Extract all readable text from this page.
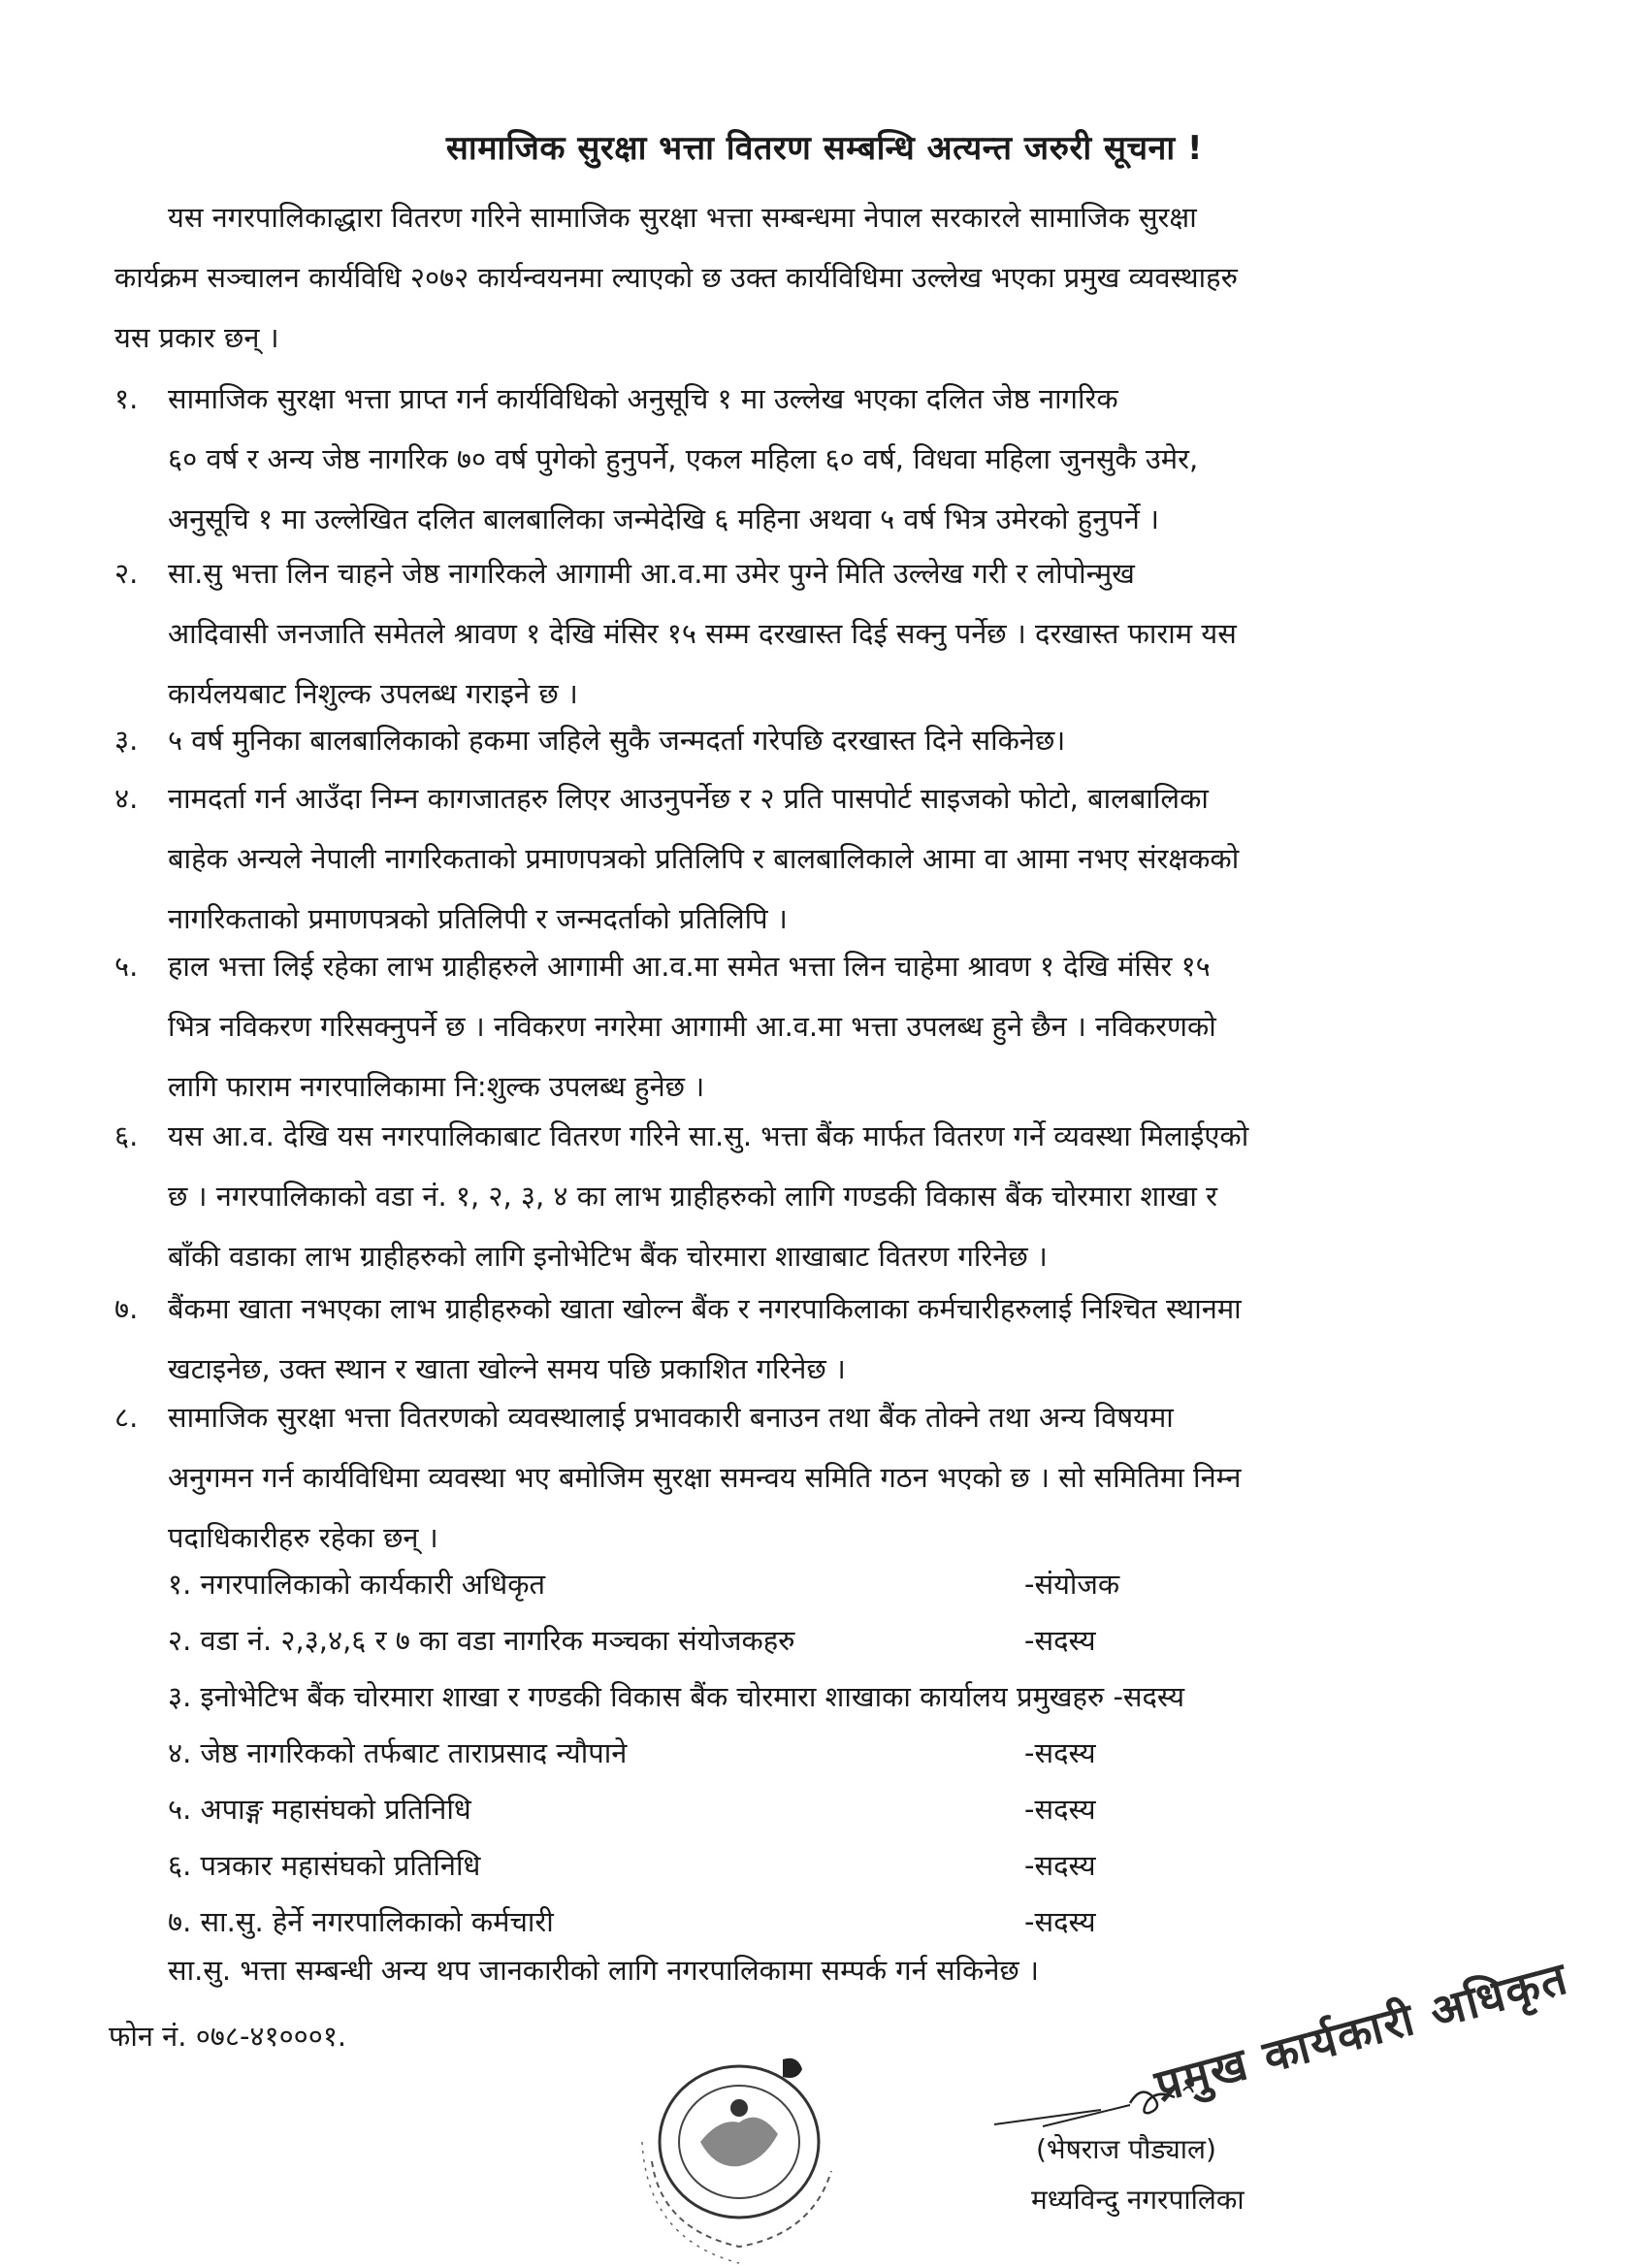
सामाजिक सुरक्षा भत्ता वितरण सम्बन्धि अत्यन्त जरुरी सूचना !
यस नगरपालिकाद्धारा वितरण गरिने सामाजिक सुरक्षा भत्ता सम्बन्धमा नेपाल सरकारले सामाजिक सुरक्षा
कार्यक्रम सञ्चालन कार्यविधि २०७२ कार्यन्वयनमा ल्याएको छ उक्त कार्यविधिमा उल्लेख भएका प्रमुख व्यवस्थाहरु
यस प्रकार छन् ।
१.	सामाजिक सुरक्षा भत्ता प्राप्त गर्न कार्यविधिको अनुसूचि १ मा उल्लेख भएका दलित जेष्ठ नागरिक
६० वर्ष र अन्य जेष्ठ नागरिक ७० वर्ष पुगेको हुनुपर्ने, एकल महिला ६० वर्ष, विधवा महिला जुनसुकै उमेर,
अनुसूचि १ मा उल्लेखित दलित बालबालिका जन्मेदेखि ६ महिना अथवा ५ वर्ष भित्र उमेरको हुनुपर्ने ।
२.	सा.सु भत्ता लिन चाहने जेष्ठ नागरिकले आगामी आ.व.मा उमेर पुग्ने मिति उल्लेख गरी र लोपोन्मुख
आदिवासी जनजाति समेतले श्रावण १ देखि मंसिर १५ सम्म दरखास्त दिई सक्नु पर्नेछ । दरखास्त फाराम यस
कार्यलयबाट निशुल्क उपलब्ध गराइने छ ।
३.	५ वर्ष मुनिका बालबालिकाको हकमा जहिले सुकै जन्मदर्ता गरेपछि दरखास्त दिने सकिनेछ।
४.	नामदर्ता गर्न आउँदा निम्न कागजातहरु लिएर आउनुपर्नेछ र २ प्रति पासपोर्ट साइजको फोटो, बालबालिका
बाहेक अन्यले नेपाली नागरिकताको प्रमाणपत्रको प्रतिलिपि र बालबालिकाले आमा वा आमा नभए संरक्षकको
नागरिकताको प्रमाणपत्रको प्रतिलिपी र जन्मदर्ताको प्रतिलिपि ।
५.	हाल भत्ता लिई रहेका लाभ ग्राहीहरुले आगामी आ.व.मा समेत भत्ता लिन चाहेमा श्रावण १ देखि मंसिर १५
भित्र नविकरण गरिसक्नुपर्ने छ । नविकरण नगरेमा आगामी आ.व.मा भत्ता उपलब्ध हुने छैन । नविकरणको
लागि फाराम नगरपालिकामा नि:शुल्क उपलब्ध हुनेछ ।
६.	यस आ.व. देखि यस नगरपालिकाबाट वितरण गरिने सा.सु. भत्ता बैंक मार्फत वितरण गर्ने व्यवस्था मिलाईएको
छ । नगरपालिकाको वडा नं. १, २, ३, ४ का लाभ ग्राहीहरुको लागि गण्डकी विकास बैंक चोरमारा शाखा र
बाँकी वडाका लाभ ग्राहीहरुको लागि इनोभेटिभ बैंक चोरमारा शाखाबाट वितरण गरिनेछ ।
७.	बैंकमा खाता नभएका लाभ ग्राहीहरुको खाता खोल्न बैंक र नगरपाकिलाका कर्मचारीहरुलाई निश्चित स्थानमा
खटाइनेछ, उक्त स्थान र खाता खोल्ने समय पछि प्रकाशित गरिनेछ ।
८.	सामाजिक सुरक्षा भत्ता वितरणको व्यवस्थालाई प्रभावकारी बनाउन तथा बैंक तोक्ने तथा अन्य विषयमा
अनुगमन गर्न कार्यविधिमा व्यवस्था भए बमोजिम सुरक्षा समन्वय समिति गठन भएको छ । सो समितिमा निम्न
पदाधिकारीहरु रहेका छन् ।
१. नगरपालिकाको कार्यकारी अधिकृत	-संयोजक
२. वडा नं. २,३,४,६ र ७ का वडा नागरिक मञ्चका संयोजकहरु	-सदस्य
३. इनोभेटिभ बैंक चोरमारा शाखा र गण्डकी विकास बैंक चोरमारा शाखाका कार्यालय प्रमुखहरु -सदस्य
४. जेष्ठ नागरिकको तर्फबाट ताराप्रसाद न्यौपाने	-सदस्य
५. अपाङ्ग महासंघको प्रतिनिधि	-सदस्य
६. पत्रकार महासंघको प्रतिनिधि	-सदस्य
७. सा.सु. हेर्ने नगरपालिकाको कर्मचारी	-सदस्य
सा.सु. भत्ता सम्बन्धी अन्य थप जानकारीको लागि नगरपालिकामा सम्पर्क गर्न सकिनेछ ।
फोन नं. ०७८-४१०००१.	प्रमुख कार्यकारी अधिकृत
(भेषराज पौड्याल)
मध्यविन्दु नगरपालिका
